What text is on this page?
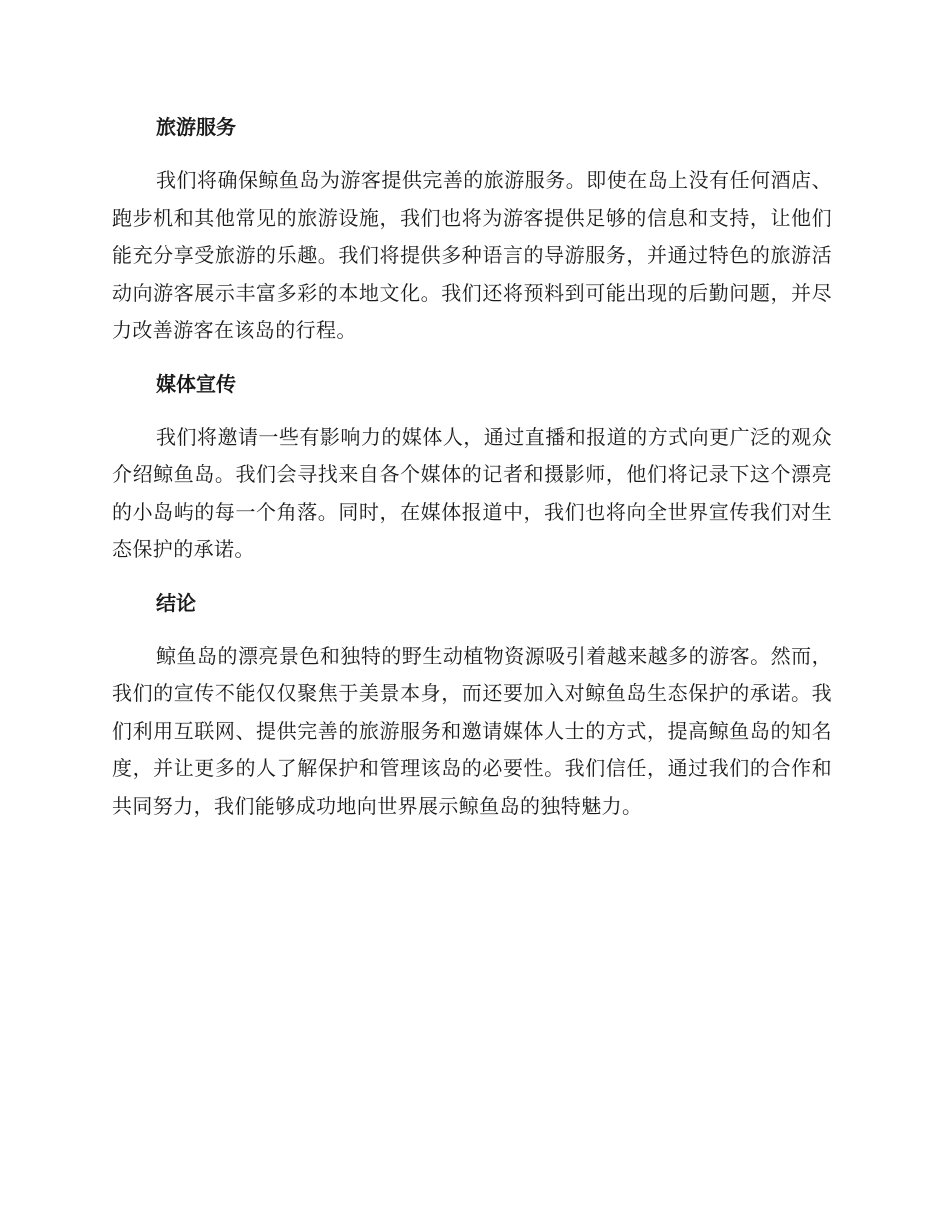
旅游服务

我们将确保鲸鱼岛为游客提供完善的旅游服务。即使在岛上没有任何酒店、跑步机和其他常见的旅游设施，我们也将为游客提供足够的信息和支持，让他们能充分享受旅游的乐趣。我们将提供多种语言的导游服务，并通过特色的旅游活动向游客展示丰富多彩的本地文化。我们还将预料到可能出现的后勤问题，并尽力改善游客在该岛的行程。

媒体宣传

我们将邀请一些有影响力的媒体人，通过直播和报道的方式向更广泛的观众介绍鲸鱼岛。我们会寻找来自各个媒体的记者和摄影师，他们将记录下这个漂亮的小岛屿的每一个角落。同时，在媒体报道中，我们也将向全世界宣传我们对生态保护的承诺。

结论

鲸鱼岛的漂亮景色和独特的野生动植物资源吸引着越来越多的游客。然而，我们的宣传不能仅仅聚焦于美景本身，而还要加入对鲸鱼岛生态保护的承诺。我们利用互联网、提供完善的旅游服务和邀请媒体人士的方式，提高鲸鱼岛的知名度，并让更多的人了解保护和管理该岛的必要性。我们信任，通过我们的合作和共同努力，我们能够成功地向世界展示鲸鱼岛的独特魅力。
